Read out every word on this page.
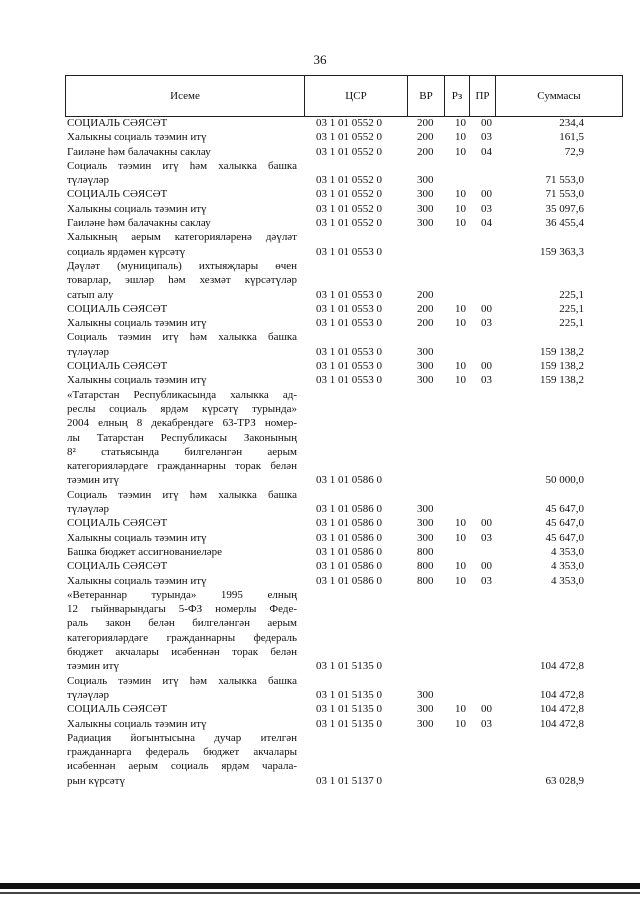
36
Исеме	ЦСР	ВР	Рз	ПР	Суммасы
СОЦИАЛЬ СӘЯСӘТ	03 1 01 0552 0	200 10 00	234,4
Халыкны социаль тәэмин итү	03 1 01 0552 0	200 10 03	161,5
Гаиләне һәм балачакны саклау	03 1 01 0552 0	200 10 04	72,9
Социаль тәэмин итү һәм халыкка башка
түләүләр	03 1 01 0552 0	300	71 553,0
СОЦИАЛЬ СӘЯСӘТ	03 1 01 0552 0	300 10 00	71 553,0
Халыкны социаль тәэмин итү	03 1 01 0552 0	300 10 03	35 097,6
Гаиләне һәм балачакны саклау	03 1 01 0552 0	300 10 04	36 455,4
Халыкның аерым категорияләренә дәүләт
социаль ярдәмен күрсәтү	03 1 01 0553 0	159 363,3
Дәүләт (муниципаль) ихтыяҗлары өчен
товарлар, эшләр һәм хезмәт күрсәтүләр
сатып алу	03 1 01 0553 0	200	225,1
СОЦИАЛЬ СӘЯСӘТ	03 1 01 0553 0	200 10 00	225,1
Халыкны социаль тәэмин итү	03 1 01 0553 0	200 10 03	225,1
Социаль тәэмин итү һәм халыкка башка
түләүләр	03 1 01 0553 0	300	159 138,2
СОЦИАЛЬ СӘЯСӘТ	03 1 01 0553 0	300 10 00	159 138,2
Халыкны социаль тәэмин итү	03 1 01 0553 0	300 10 03	159 138,2
«Татарстан Республикасында халыкка ад-
ресл​ы социаль ярдәм күрсәтү турында»
2004 елның 8 декабрендәге 63-ТРЗ номер-
лы Татарстан Республикасы Законының
8² статьясында билгеләнгән аерым
категорияләрдәге гражданнарны торак белән
тәэмин итү	03 1 01 0586 0	50 000,0
Социаль тәэмин итү һәм халыкка башка
түләүләр	03 1 01 0586 0	300	45 647,0
СОЦИАЛЬ СӘЯСӘТ	03 1 01 0586 0	300 10 00	45 647,0
Халыкны социаль тәэмин итү	03 1 01 0586 0	300 10 03	45 647,0
Башка бюджет ассигнованиеләре	03 1 01 0586 0	800	4 353,0
СОЦИАЛЬ СӘЯСӘТ	03 1 01 0586 0	800 10 00	4 353,0
Халыкны социаль тәэмин итү	03 1 01 0586 0	800 10 03	4 353,0
«Ветераннар турында» 1995 елның
12 гыйнварындагы 5-ФЗ номерлы Феде-
раль закон белән билгеләнгән аерым
категорияләрдәге гражданнарны федераль
бюджет акчалары исәбеннән торак белән
тәэмин итү	03 1 01 5135 0	104 472,8
Социаль тәэмин итү һәм халыкка башка
түләүләр	03 1 01 5135 0	300	104 472,8
СОЦИАЛЬ СӘЯСӘТ	03 1 01 5135 0	300 10 00	104 472,8
Халыкны социаль тәэмин итү	03 1 01 5135 0	300 10 03	104 472,8
Радиация йогынтысына дучар ителгән
гражданнарга федераль бюджет акчалары
исәбеннән аерым социаль ярдәм чарала-
рын күрсәтү	03 1 01 5137 0	63 028,9
